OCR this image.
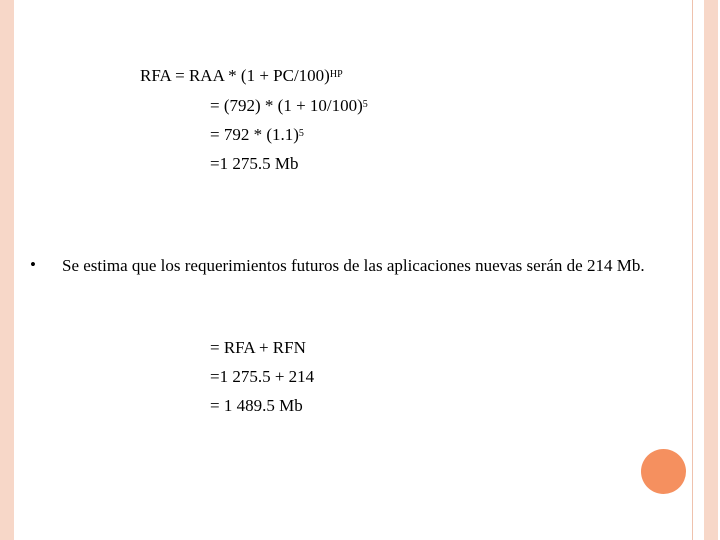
RFA = RAA * $(1 + PC/100)^{HP}$
= $(792) * (1 + 10/100)^5$
= $792 * (1.1)^5$
=1 275.5 Mb
• Se estima que los requerimientos futuros de las aplicaciones nuevas serán de 214 Mb.
= RFA + RFN
=1 275.5 + 214
= 1 489.5 Mb
